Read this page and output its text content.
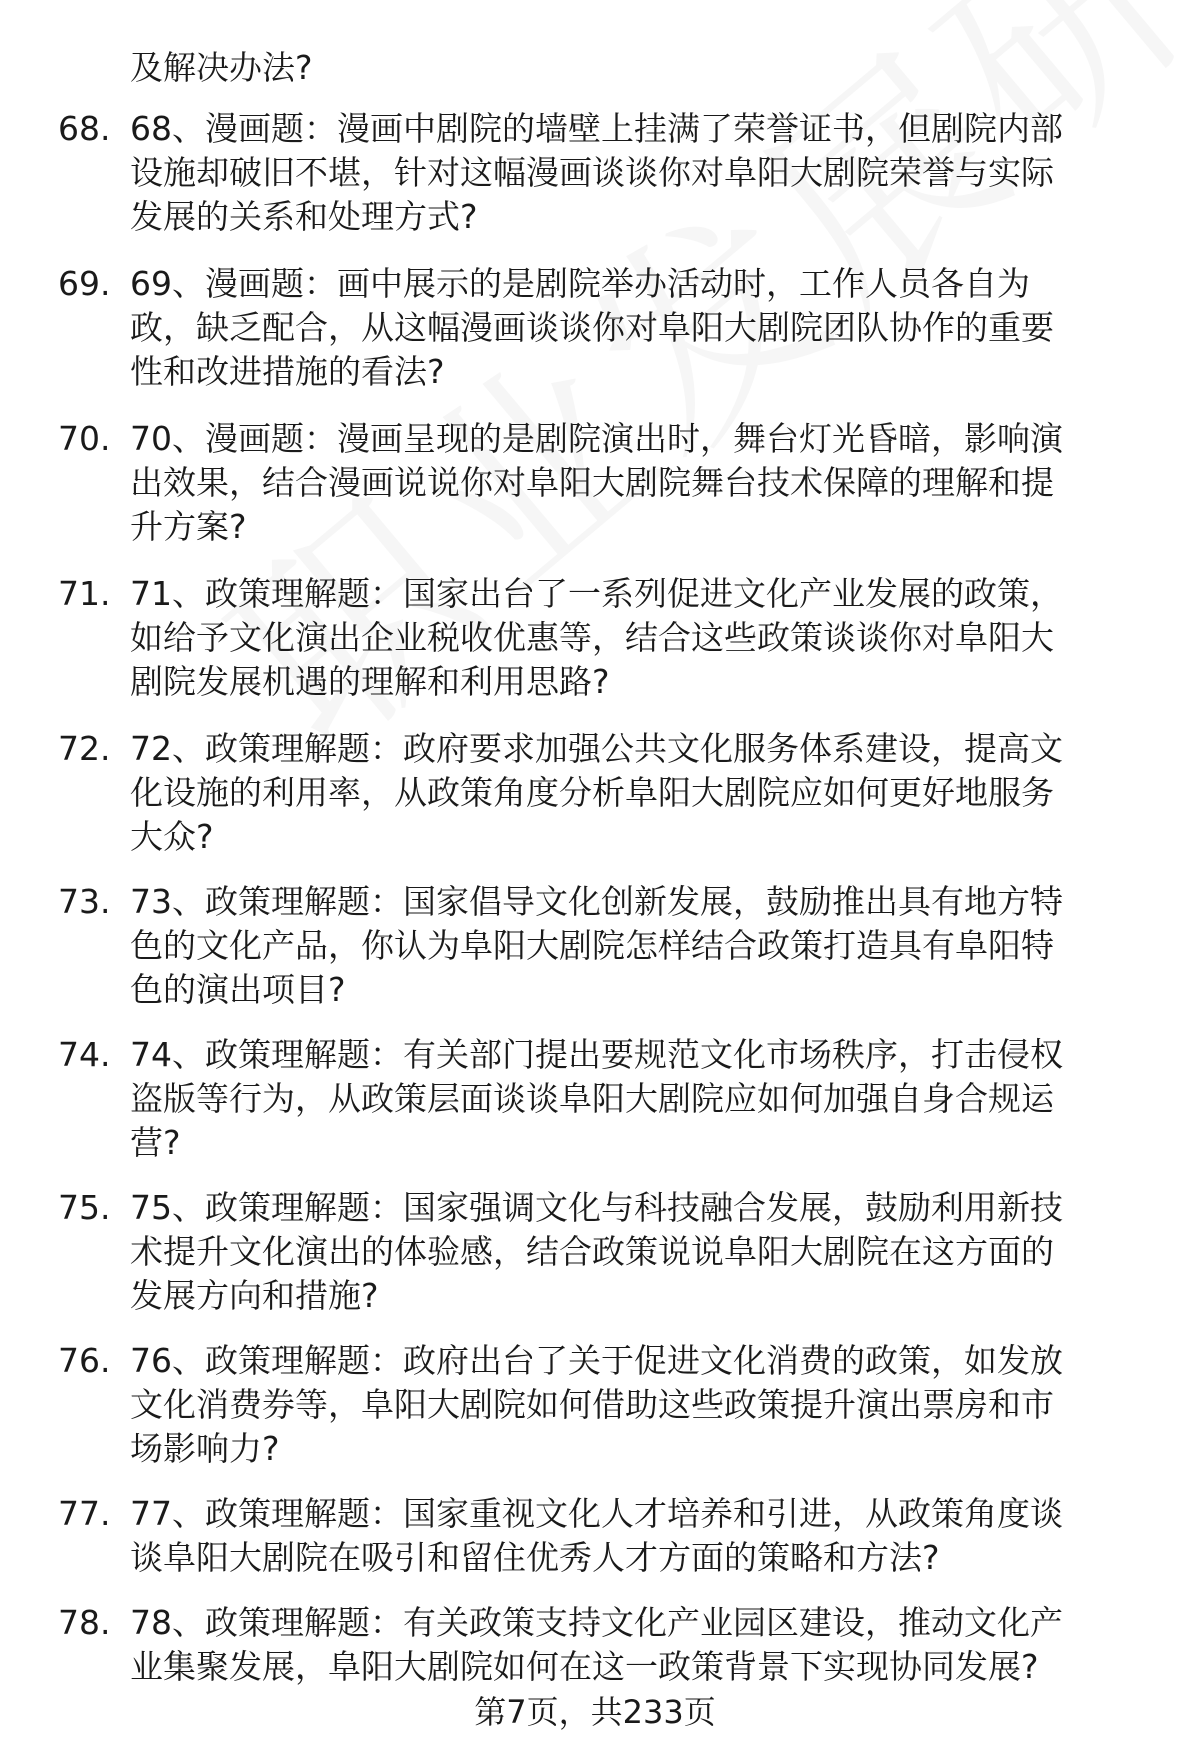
及解决办法?
68. 68、漫画题：漫画中剧院的墙壁上挂满了荣誉证书，但剧院内部
设施却破旧不堪，针对这幅漫画谈谈你对阜阳大剧院荣誉与实际
发展的关系和处理方式?
69. 69、漫画题：画中展示的是剧院举办活动时，工作人员各自为
政，缺乏配合，从这幅漫画谈谈你对阜阳大剧院团队协作的重要
性和改进措施的看法?
70. 70、漫画题：漫画呈现的是剧院演出时，舞台灯光昏暗，影响演
出效果，结合漫画说说你对阜阳大剧院舞台技术保障的理解和提
升方案?
71. 71、政策理解题：国家出台了一系列促进文化产业发展的政策，
如给予文化演出企业税收优惠等，结合这些政策谈谈你对阜阳大
剧院发展机遇的理解和利用思路?
72. 72、政策理解题：政府要求加强公共文化服务体系建设，提高文
化设施的利用率，从政策角度分析阜阳大剧院应如何更好地服务
大众?
73. 73、政策理解题：国家倡导文化创新发展，鼓励推出具有地方特
色的文化产品，你认为阜阳大剧院怎样结合政策打造具有阜阳特
色的演出项目?
74. 74、政策理解题：有关部门提出要规范文化市场秩序，打击侵权
盗版等行为，从政策层面谈谈阜阳大剧院应如何加强自身合规运
营?
75. 75、政策理解题：国家强调文化与科技融合发展，鼓励利用新技
术提升文化演出的体验感，结合政策说说阜阳大剧院在这方面的
发展方向和措施?
76. 76、政策理解题：政府出台了关于促进文化消费的政策，如发放
文化消费券等，阜阳大剧院如何借助这些政策提升演出票房和市
场影响力?
77. 77、政策理解题：国家重视文化人才培养和引进，从政策角度谈
谈阜阳大剧院在吸引和留住优秀人才方面的策略和方法?
78. 78、政策理解题：有关政策支持文化产业园区建设，推动文化产
业集聚发展，阜阳大剧院如何在这一政策背景下实现协同发展?
第7页，共233页
